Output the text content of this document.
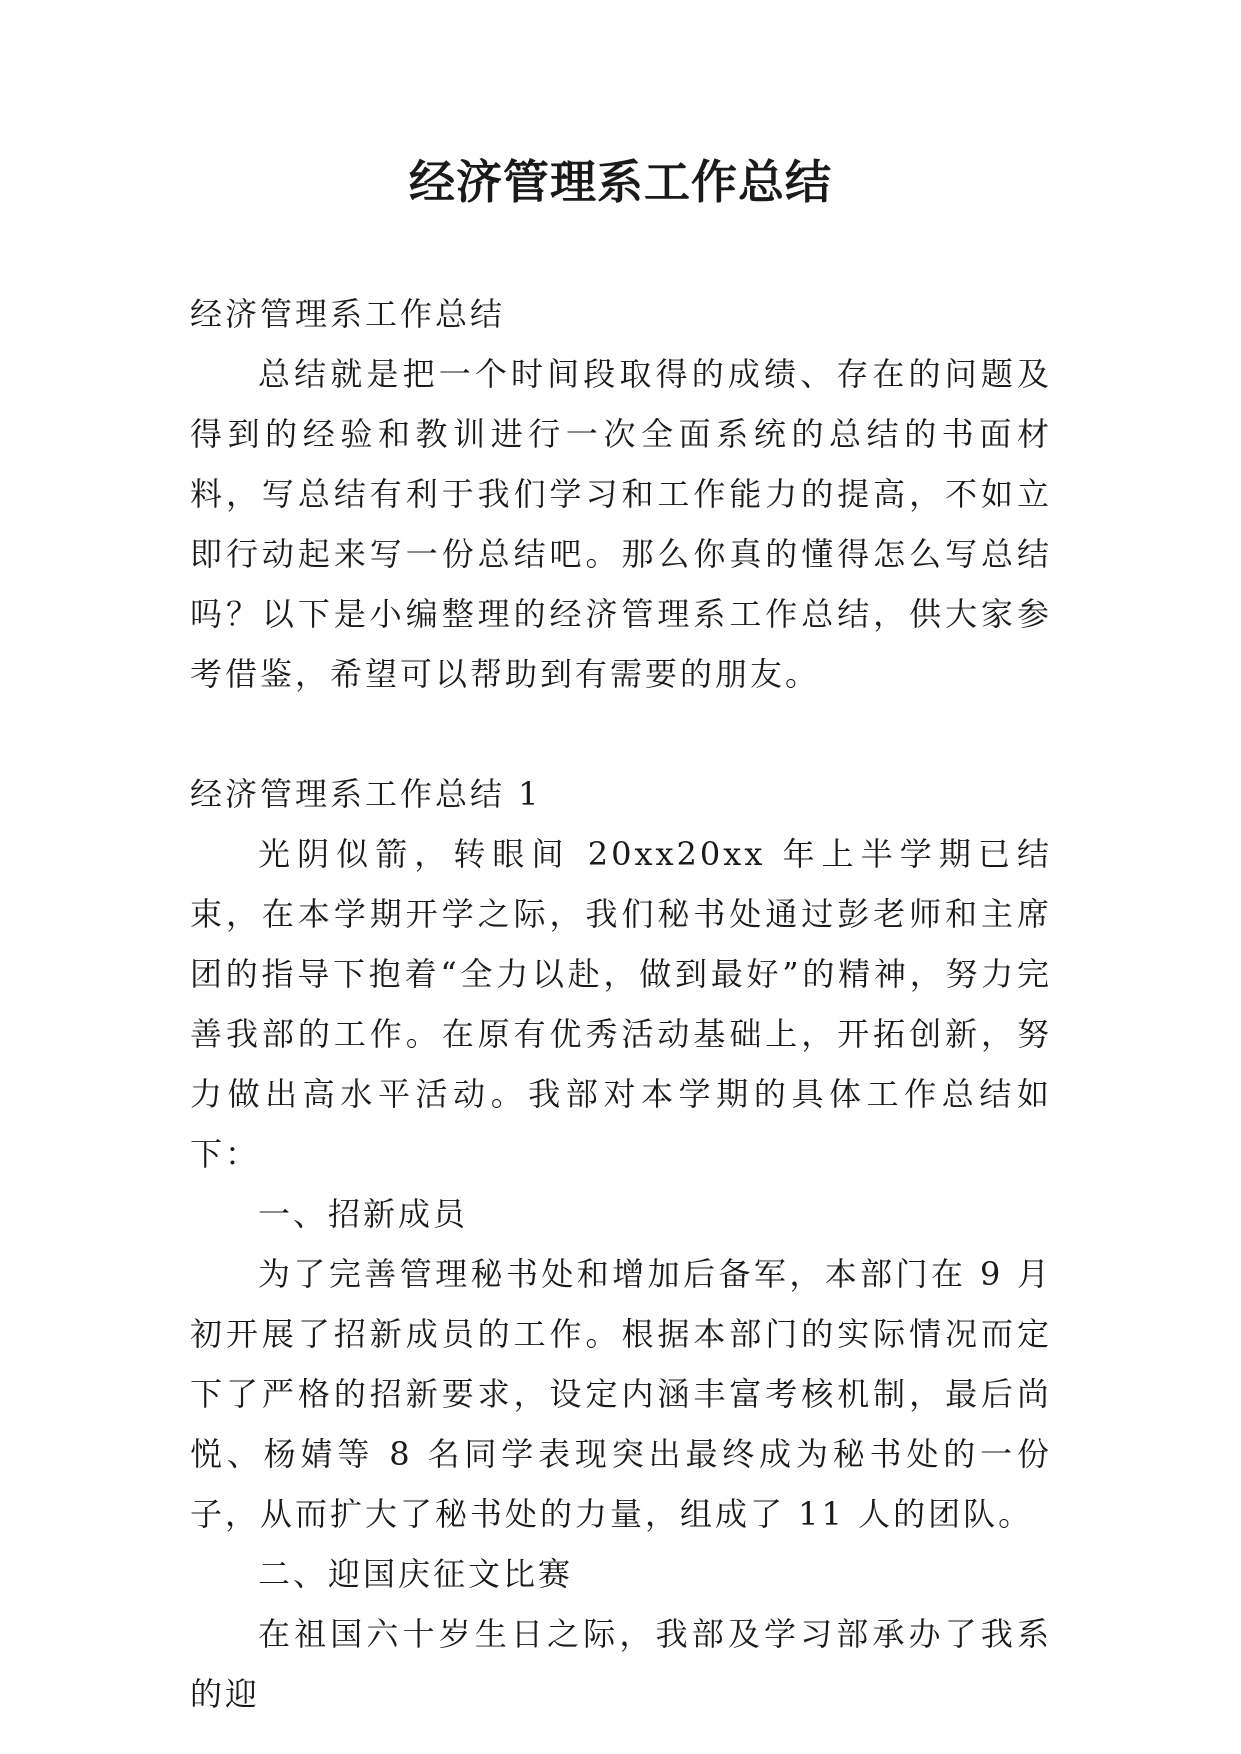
经济管理系工作总结

经济管理系工作总结

总结就是把一个时间段取得的成绩、存在的问题及得到的经验和教训进行一次全面系统的总结的书面材料，写总结有利于我们学习和工作能力的提高，不如立即行动起来写一份总结吧。那么你真的懂得怎么写总结吗？以下是小编整理的经济管理系工作总结，供大家参考借鉴，希望可以帮助到有需要的朋友。

经济管理系工作总结 1

光阴似箭，转眼间 20xx20xx 年上半学期已结束，在本学期开学之际，我们秘书处通过彭老师和主席团的指导下抱着“全力以赴，做到最好”的精神，努力完善我部的工作。在原有优秀活动基础上，开拓创新，努力做出高水平活动。我部对本学期的具体工作总结如下：

一、招新成员

为了完善管理秘书处和增加后备军，本部门在 9 月初开展了招新成员的工作。根据本部门的实际情况而定下了严格的招新要求，设定内涵丰富考核机制，最后尚悦、杨婧等 8 名同学表现突出最终成为秘书处的一份子，从而扩大了秘书处的力量，组成了 11 人的团队。

二、迎国庆征文比赛

在祖国六十岁生日之际，我部及学习部承办了我系的迎
